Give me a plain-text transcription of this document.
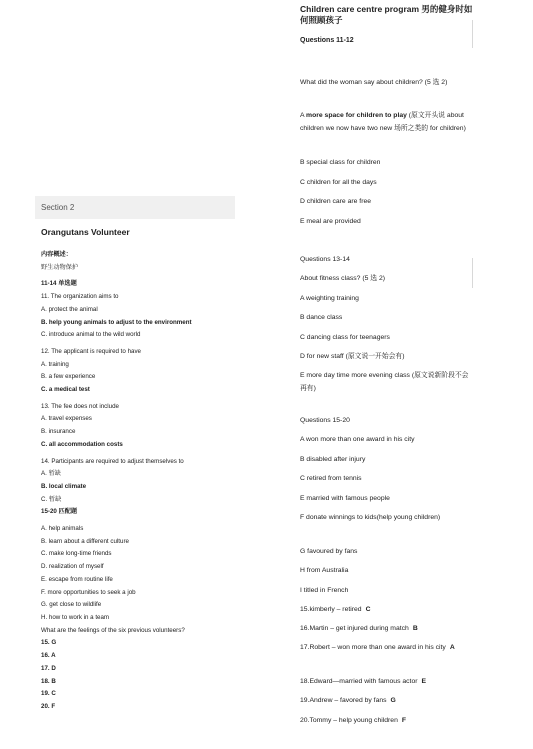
Section 2
Orangutans Volunteer
内容概述：
野生动物保护
11-14 单选题
11. The organization aims to
A. protect the animal
B. help young animals to adjust to the environment
C. introduce animal to the wild world
12. The applicant is required to have
A. training
B. a few experience
C. a medical test
13. The fee does not include
A. travel expenses
B. insurance
C. all accommodation costs
14. Participants are required to adjust themselves to
A. 暂缺
B. local climate
C. 暂缺
15-20 匹配题
A. help animals
B. learn about a different culture
C. make long-time friends
D. realization of myself
E. escape from routine life
F. more opportunities to seek a job
G. get close to wildlife
H. how to work in a team
What are the feelings of the six previous volunteers?
15. G
16. A
17. D
18. B
19. C
20. F
Children care centre program 男的健身时如何照顾孩子
Questions 11-12
What did the woman say about children? (5 选 2)
A more space for children to play (原文开头说 about children we now have two new 场所之类的 for children)
B special class for children
C children for all the days
D children care are free
E meal are provided
Questions 13-14
About fitness class? (5 选 2)
A weighting training
B dance class
C dancing class for teenagers
D for new staff (原文说一开始会有)
E more day time more evening class (原文说新阶段不会再有)
Questions 15-20
A won more than one award in his city
B disabled after injury
C retired from tennis
E married with famous people
F donate winnings to kids(help young children)
G favoured by fans
H from Australia
I titled in French
15.kimberly – retired C
16.Martin – get injured during match B
17.Robert – won more than one award in his city A
18.Edward—married with famous actor E
19.Andrew – favored by fans G
20.Tommy – help young children F
